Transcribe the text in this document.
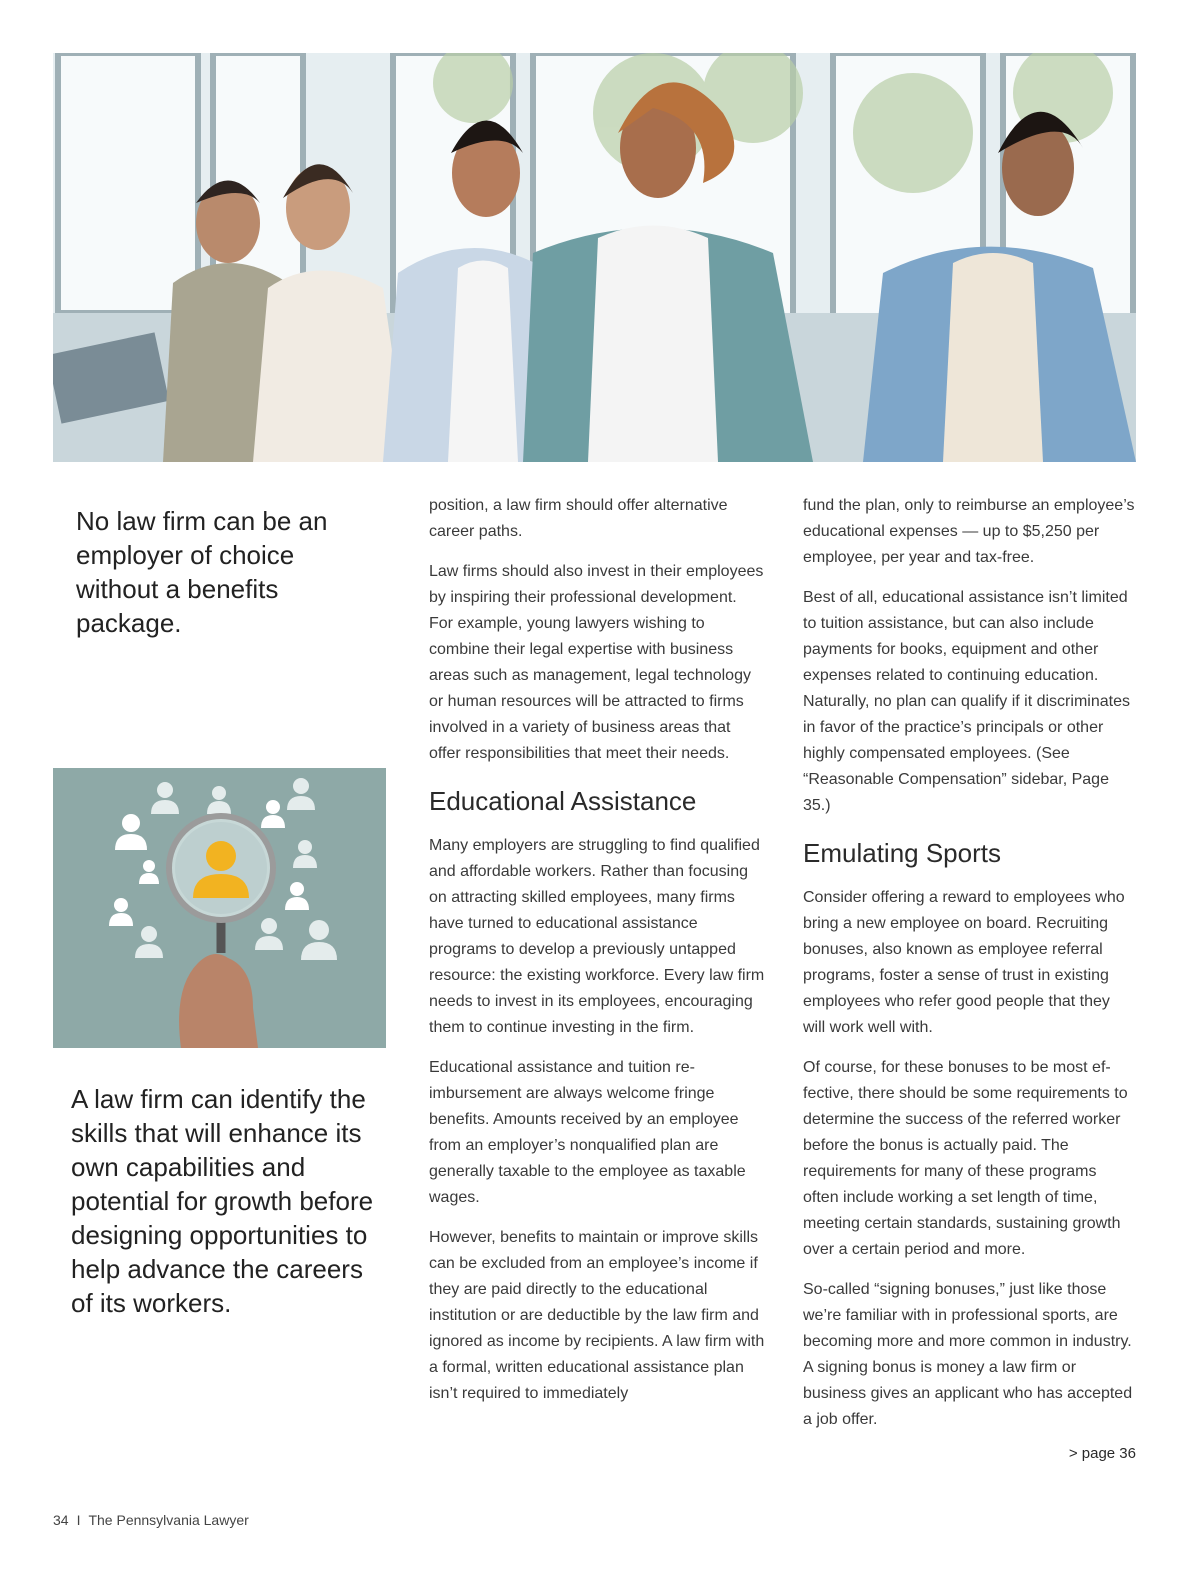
No law firm can be an employer of choice without a benefits package.

A law firm can identify the skills that will enhance its own capabilities and potential for growth before designing opportunities to help advance the careers of its workers.

position, a law firm should offer alternative career paths.

Law firms should also invest in their employees by inspiring their professional development. For example, young lawyers wishing to combine their legal expertise with business areas such as management, legal technology or human resources will be attracted to firms involved in a variety of business areas that offer responsibilities that meet their needs.

Educational Assistance

Many employers are struggling to find qualified and affordable workers. Rather than focusing on attracting skilled employees, many firms have turned to educational assistance programs to develop a previously untapped resource: the existing workforce. Every law firm needs to invest in its employees, encouraging them to continue investing in the firm.

Educational assistance and tuition reimbursement are always welcome fringe benefits. Amounts received by an employee from an employer’s nonqualified plan are generally taxable to the employee as taxable wages.

However, benefits to maintain or improve skills can be excluded from an employee’s income if they are paid directly to the educational institution or are deductible by the law firm and ignored as income by recipients. A law firm with a formal, written educational assistance plan isn’t required to immediately

fund the plan, only to reimburse an employee’s educational expenses — up to $5,250 per employee, per year and tax-free.

Best of all, educational assistance isn’t limited to tuition assistance, but can also include payments for books, equipment and other expenses related to continuing education. Naturally, no plan can qualify if it discriminates in favor of the practice’s principals or other highly compensated employees. (See “Reasonable Compensation” sidebar, Page 35.)

Emulating Sports

Consider offering a reward to employees who bring a new employee on board. Recruiting bonuses, also known as employee referral programs, foster a sense of trust in existing employees who refer good people that they will work well with.

Of course, for these bonuses to be most effective, there should be some requirements to determine the success of the referred worker before the bonus is actually paid. The requirements for many of these programs often include working a set length of time, meeting certain standards, sustaining growth over a certain period and more.

So-called “signing bonuses,” just like those we’re familiar with in professional sports, are becoming more and more common in industry. A signing bonus is money a law firm or business gives an applicant who has accepted a job offer.

> page 36
34 I The Pennsylvania Lawyer
